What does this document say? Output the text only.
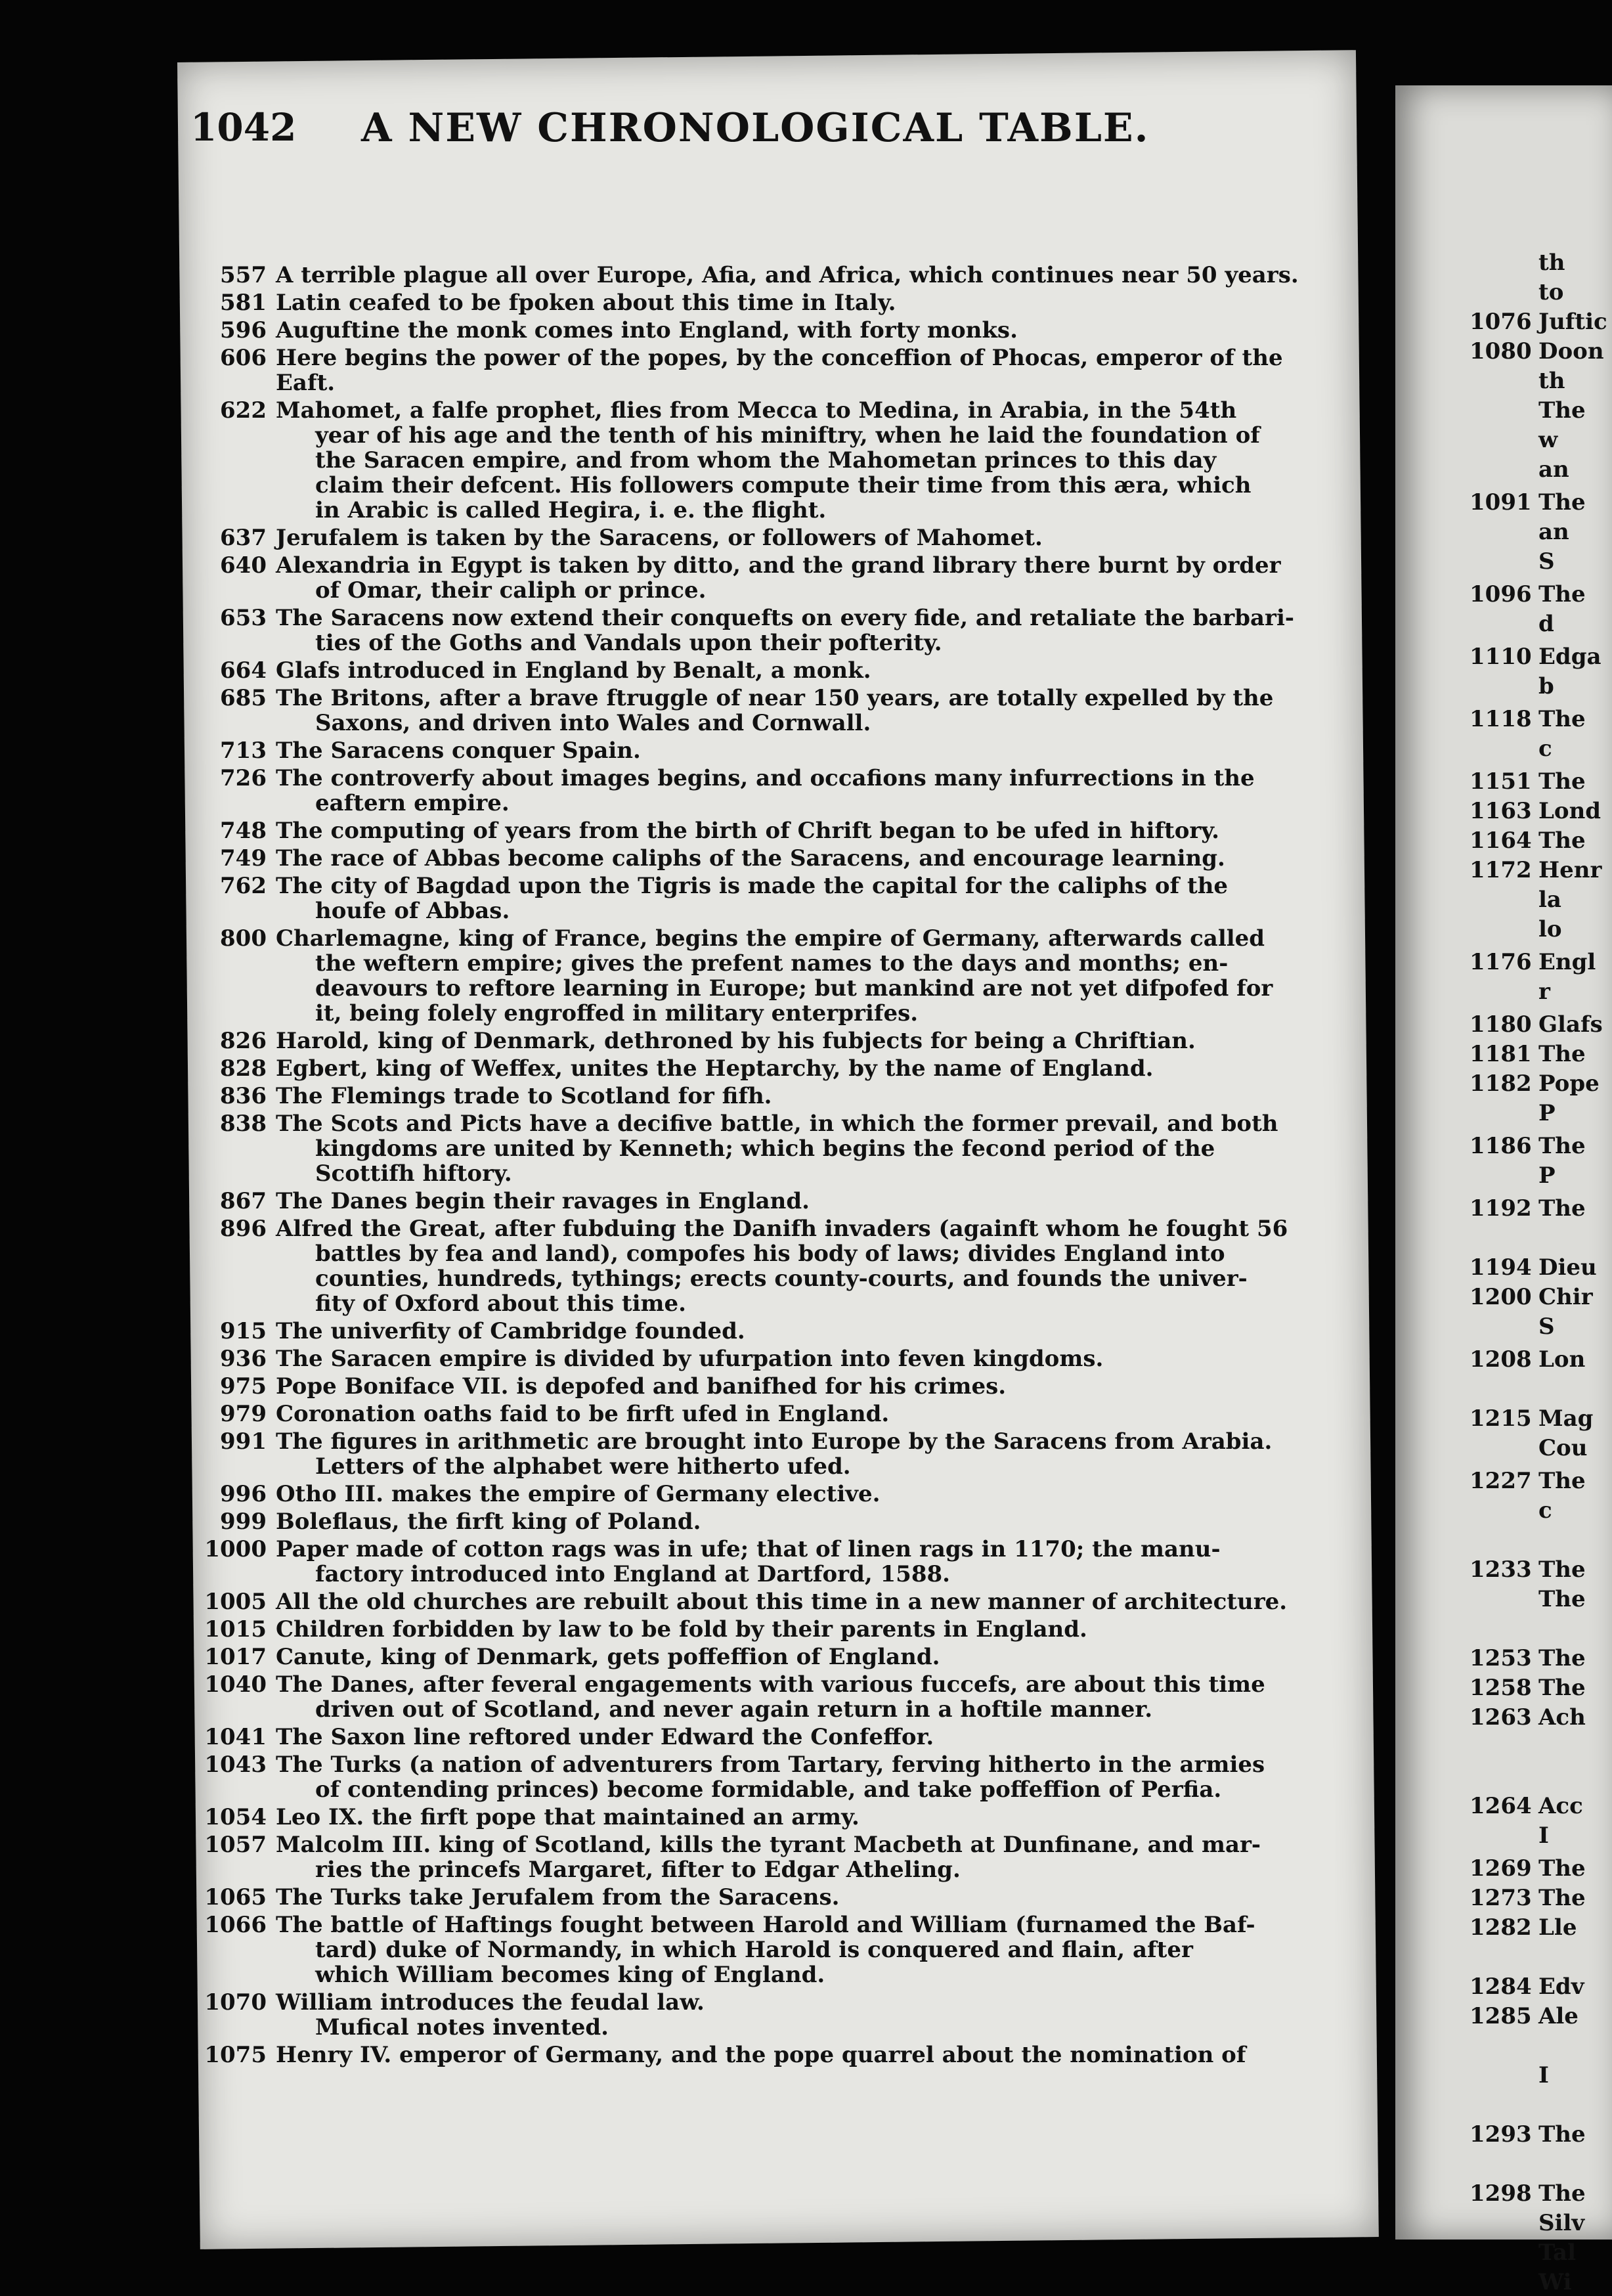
1042 A NEW CHRONOLOGICAL TABLE.
557 A terrible plague all over Europe, Afia, and Africa, which continues near 50 years.
581 Latin ceafed to be fpoken about this time in Italy.
596 Auguftine the monk comes into England, with forty monks.
606 Here begins the power of the popes, by the conceffion of Phocas, emperor of the Eaft.
622 Mahomet, a falfe prophet, flies from Mecca to Medina, in Arabia, in the 54th
year of his age and the tenth of his miniftry, when he laid the foundation of
the Saracen empire, and from whom the Mahometan princes to this day
claim their defcent. His followers compute their time from this æra, which
in Arabic is called Hegira, i. e. the flight.
637 Jerufalem is taken by the Saracens, or followers of Mahomet.
640 Alexandria in Egypt is taken by ditto, and the grand library there burnt by order
of Omar, their caliph or prince.
653 The Saracens now extend their conquefts on every fide, and retaliate the barbari-
ties of the Goths and Vandals upon their pofterity.
664 Glafs introduced in England by Benalt, a monk.
685 The Britons, after a brave ftruggle of near 150 years, are totally expelled by the
Saxons, and driven into Wales and Cornwall.
713 The Saracens conquer Spain.
726 The controverfy about images begins, and occafions many infurrections in the
eaftern empire.
748 The computing of years from the birth of Chrift began to be ufed in hiftory.
749 The race of Abbas become caliphs of the Saracens, and encourage learning.
762 The city of Bagdad upon the Tigris is made the capital for the caliphs of the
houfe of Abbas.
800 Charlemagne, king of France, begins the empire of Germany, afterwards called
the weftern empire; gives the prefent names to the days and months; en-
deavours to reftore learning in Europe; but mankind are not yet difpofed for
it, being folely engroffed in military enterprifes.
826 Harold, king of Denmark, dethroned by his fubjects for being a Chriftian.
828 Egbert, king of Weffex, unites the Heptarchy, by the name of England.
836 The Flemings trade to Scotland for fifh.
838 The Scots and Picts have a decifive battle, in which the former prevail, and both
kingdoms are united by Kenneth; which begins the fecond period of the
Scottifh hiftory.
867 The Danes begin their ravages in England.
896 Alfred the Great, after fubduing the Danifh invaders (againft whom he fought 56
battles by fea and land), compofes his body of laws; divides England into
counties, hundreds, tythings; erects county-courts, and founds the univer-
fity of Oxford about this time.
915 The univerfity of Cambridge founded.
936 The Saracen empire is divided by ufurpation into feven kingdoms.
975 Pope Boniface VII. is depofed and banifhed for his crimes.
979 Coronation oaths faid to be firft ufed in England.
991 The figures in arithmetic are brought into Europe by the Saracens from Arabia.
Letters of the alphabet were hitherto ufed.
996 Otho III. makes the empire of Germany elective.
999 Boleflaus, the firft king of Poland.
1000 Paper made of cotton rags was in ufe; that of linen rags in 1170; the manu-
factory introduced into England at Dartford, 1588.
1005 All the old churches are rebuilt about this time in a new manner of architecture.
1015 Children forbidden by law to be fold by their parents in England.
1017 Canute, king of Denmark, gets poffeffion of England.
1040 The Danes, after feveral engagements with various fuccefs, are about this time
driven out of Scotland, and never again return in a hoftile manner.
1041 The Saxon line reftored under Edward the Confeffor.
1043 The Turks (a nation of adventurers from Tartary, ferving hitherto in the armies
of contending princes) become formidable, and take poffeffion of Perfia.
1054 Leo IX. the firft pope that maintained an army.
1057 Malcolm III. king of Scotland, kills the tyrant Macbeth at Dunfinane, and mar-
ries the princefs Margaret, fifter to Edgar Atheling.
1065 The Turks take Jerufalem from the Saracens.
1066 The battle of Haftings fought between Harold and William (furnamed the Baf-
tard) duke of Normandy, in which Harold is conquered and flain, after
which William becomes king of England.
1070 William introduces the feudal law.
Mufical notes invented.
1075 Henry IV. emperor of Germany, and the pope quarrel about the nomination of
th
to
1076 Juftic
1080 Doon
th
The
w
an
1091 The
an
S
1096 The
d
1110 Edga
b
1118 The
c
1151 The
1163 Lond
1164 The
1172 Henr
la
lo
1176 Engl
r
1180 Glafs
1181 The
1182 Pope
P
1186 The
P
1192 The
1194 Dieu
1200 Chir
S
1208 Lon
1215 Mag
Cou
1227 The
c
1233 The
The
1253 The
1258 The
1263 Ach
1264 Acc
I
1269 The
1273 The
1282 Lle
1284 Edv
1285 Ale
I
1293 The
1298 The
Silv
Tal
Wi
